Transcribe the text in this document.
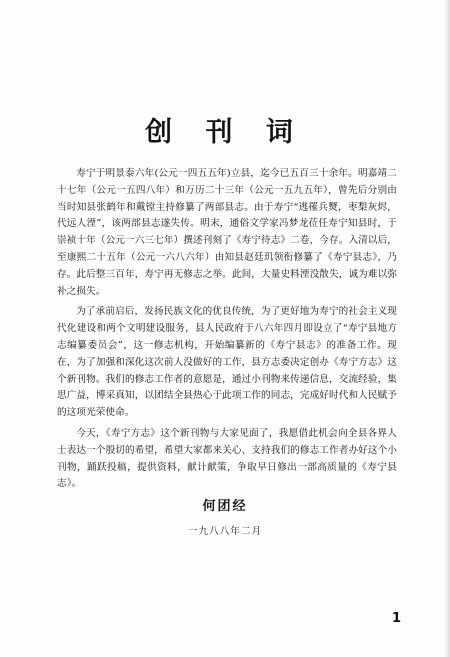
创 刊 词

寿宁于明景泰六年(公元一四五五年)立县，迄今已五百三十余年。明嘉靖二十七年（公元一五四八年）和万历二十三年（公元一五九五年），曾先后分别由当时知县张鹤年和戴镗主持修纂了两部县志。由于寿宁“逃罹兵燹，枣梨灰烬，代远人湮”，该两部县志遂失传。明末，通俗文学家冯梦龙莅任寿宁知县时，于崇祯十年（公元一六三七年）撰述刊刻了《寿宁待志》二卷，今存。入清以后，至康熙二十五年（公元一六八六年）由知县赵廷玑领衔修纂了《寿宁县志》，乃存。此后整三百年，寿宁再无修志之举。此间，大量史料湮没散失，诚为难以弥补之损失。

为了承前启后，发扬民族文化的优良传统，为了更好地为寿宁的社会主义现代化建设和两个文明建设服务，县人民政府于八六年四月即设立了“寿宁县地方志编纂委员会”，这一修志机构，开始编纂新的《寿宁县志》的准备工作。现在，为了加强和深化这次前人没做好的工作，县方志委决定创办《寿宁方志》这个新刊物。我们的修志工作者的意愿是，通过小刊物来传递信息，交流经验，集思广益，博采真知，以团结全县热心于此项工作的同志，完成好时代和人民赋予的这项光荣使命。

今天，《寿宁方志》这个新刊物与大家见面了，我愿借此机会向全县各界人士表达一个殷切的希望，希望大家都来关心、支持我们的修志工作者办好这个小刊物，踊跃投稿，提供资料，献计献策，争取早日修出一部高质量的《寿宁县志》。

何团经
一九八八年二月
1
